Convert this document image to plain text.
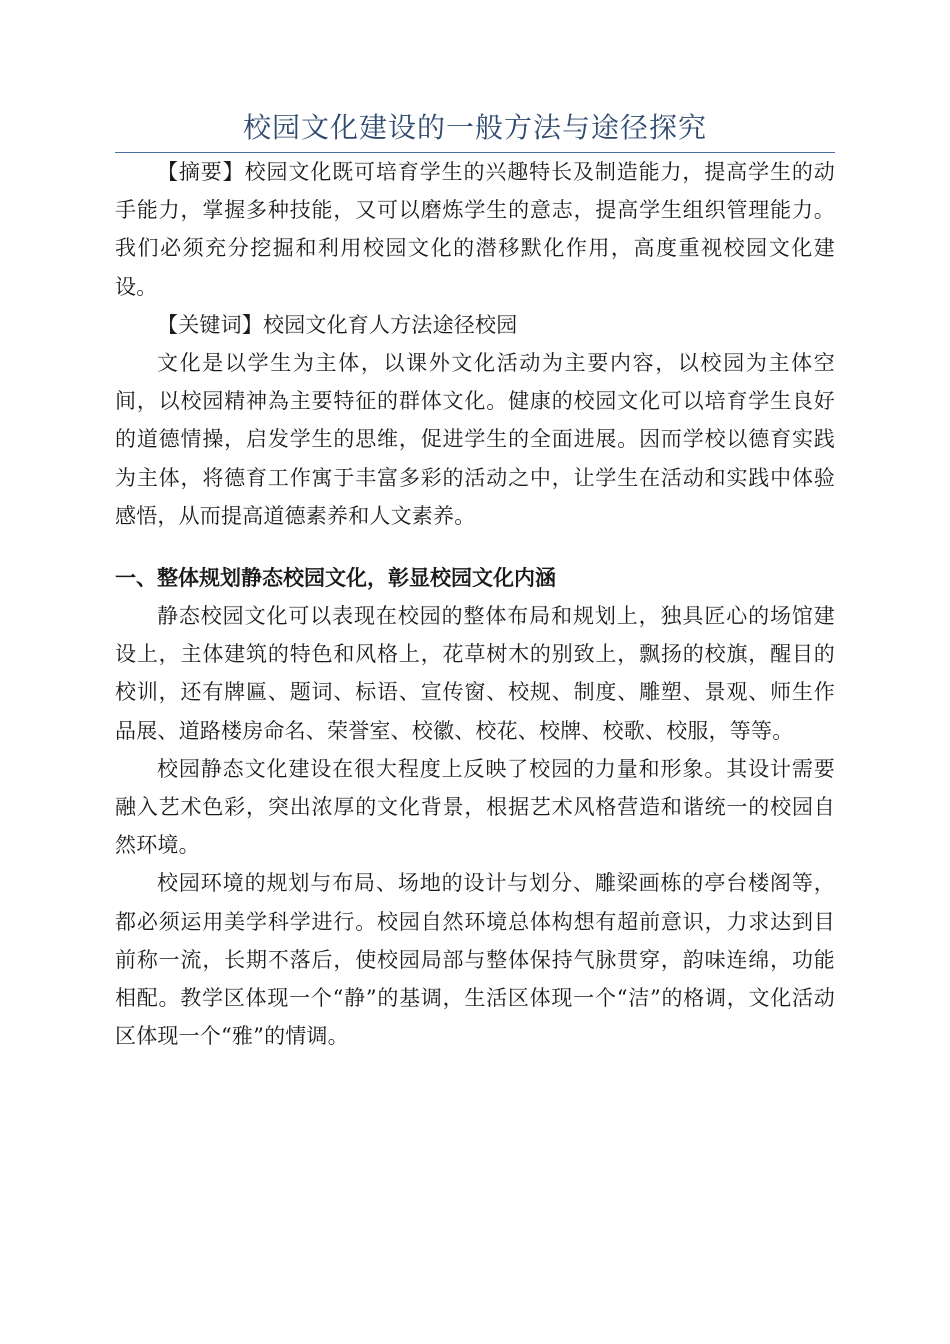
校园文化建设的一般方法与途径探究

【摘要】校园文化既可培育学生的兴趣特长及制造能力，提高学生的动手能力，掌握多种技能，又可以磨炼学生的意志，提高学生组织管理能力。我们必须充分挖掘和利用校园文化的潜移默化作用，高度重视校园文化建设。

【关键词】校园文化育人方法途径校园

文化是以学生为主体，以课外文化活动为主要内容，以校园为主体空间，以校园精神為主要特征的群体文化。健康的校园文化可以培育学生良好的道德情操，启发学生的思维，促进学生的全面进展。因而学校以德育实践为主体，将德育工作寓于丰富多彩的活动之中，让学生在活动和实践中体验感悟，从而提高道德素养和人文素养。

一、整体规划静态校园文化，彰显校园文化内涵

静态校园文化可以表现在校园的整体布局和规划上，独具匠心的场馆建设上，主体建筑的特色和风格上，花草树木的别致上，飘扬的校旗，醒目的校训，还有牌匾、题词、标语、宣传窗、校规、制度、雕塑、景观、师生作品展、道路楼房命名、荣誉室、校徽、校花、校牌、校歌、校服，等等。

校园静态文化建设在很大程度上反映了校园的力量和形象。其设计需要融入艺术色彩，突出浓厚的文化背景，根据艺术风格营造和谐统一的校园自然环境。

校园环境的规划与布局、场地的设计与划分、雕梁画栋的亭台楼阁等，都必须运用美学科学进行。校园自然环境总体构想有超前意识，力求达到目前称一流，长期不落后，使校园局部与整体保持气脉贯穿，韵味连绵，功能相配。教学区体现一个“静”的基调，生活区体现一个“洁”的格调，文化活动区体现一个“雅”的情调。
